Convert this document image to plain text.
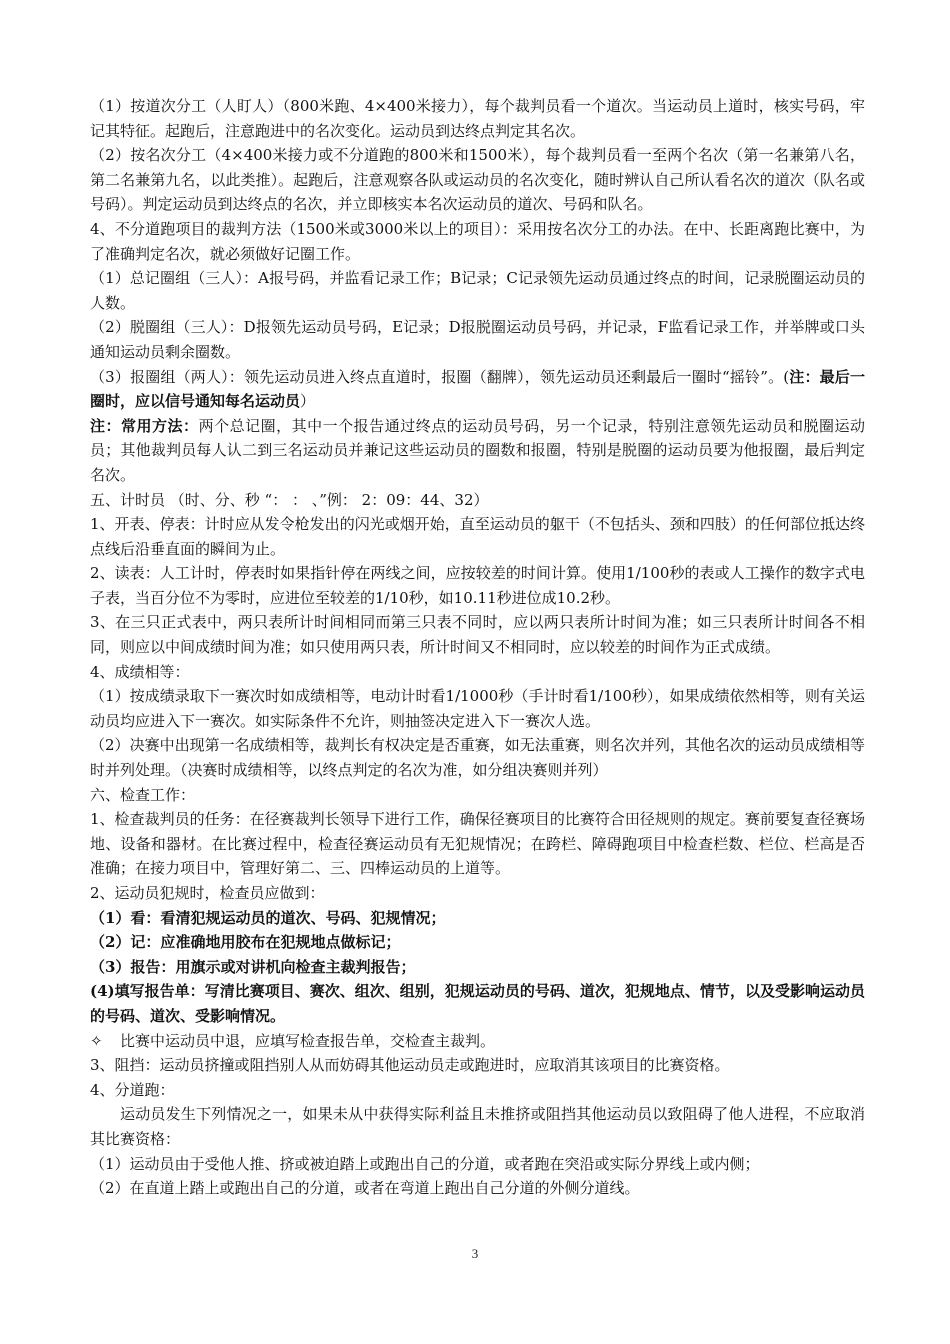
（1）按道次分工（人盯人）（800米跑、4×400米接力），每个裁判员看一个道次。当运动员上道时，核实号码，牢记其特征。起跑后，注意跑进中的名次变化。运动员到达终点判定其名次。

（2）按名次分工（4×400米接力或不分道跑的800米和1500米），每个裁判员看一至两个名次（第一名兼第八名，第二名兼第九名，以此类推）。起跑后，注意观察各队或运动员的名次变化，随时辨认自己所认看名次的道次（队名或号码）。判定运动员到达终点的名次，并立即核实本名次运动员的道次、号码和队名。

4、不分道跑项目的裁判方法（1500米或3000米以上的项目）：采用按名次分工的办法。在中、长距离跑比赛中，为了准确判定名次，就必须做好记圈工作。

（1）总记圈组（三人）：A报号码，并监看记录工作；B记录；C记录领先运动员通过终点的时间，记录脱圈运动员的人数。

（2）脱圈组（三人）：D报领先运动员号码，E记录；D报脱圈运动员号码，并记录，F监看记录工作，并举牌或口头通知运动员剩余圈数。

（3）报圈组（两人）：领先运动员进入终点直道时，报圈（翻牌），领先运动员还剩最后一圈时“摇铃”。(注：最后一圈时，应以信号通知每名运动员）

注：常用方法：两个总记圈，其中一个报告通过终点的运动员号码，另一个记录，特别注意领先运动员和脱圈运动员；其他裁判员每人认二到三名运动员并兼记这些运动员的圈数和报圈，特别是脱圈的运动员要为他报圈，最后判定名次。

五、计时员 （时、分、秒 “： ： 、”例： 2：09：44、32）

1、开表、停表：计时应从发令枪发出的闪光或烟开始，直至运动员的躯干（不包括头、颈和四肢）的任何部位抵达终点线后沿垂直面的瞬间为止。

2、读表：人工计时，停表时如果指针停在两线之间，应按较差的时间计算。使用1/100秒的表或人工操作的数字式电子表，当百分位不为零时，应进位至较差的1/10秒，如10.11秒进位成10.2秒。

3、在三只正式表中，两只表所计时间相同而第三只表不同时，应以两只表所计时间为准；如三只表所计时间各不相同，则应以中间成绩时间为准；如只使用两只表，所计时间又不相同时，应以较差的时间作为正式成绩。

4、成绩相等：

（1）按成绩录取下一赛次时如成绩相等，电动计时看1/1000秒（手计时看1/100秒），如果成绩依然相等，则有关运动员均应进入下一赛次。如实际条件不允许，则抽签决定进入下一赛次人选。

（2）决赛中出现第一名成绩相等，裁判长有权决定是否重赛，如无法重赛，则名次并列，其他名次的运动员成绩相等时并列处理。（决赛时成绩相等，以终点判定的名次为准，如分组决赛则并列）

六、检查工作：

1、检查裁判员的任务：在径赛裁判长领导下进行工作，确保径赛项目的比赛符合田径规则的规定。赛前要复查径赛场地、设备和器材。在比赛过程中，检查径赛运动员有无犯规情况；在跨栏、障碍跑项目中检查栏数、栏位、栏高是否准确；在接力项目中，管理好第二、三、四棒运动员的上道等。

2、运动员犯规时，检查员应做到：

（1）看：看清犯规运动员的道次、号码、犯规情况；

（2）记：应准确地用胶布在犯规地点做标记；

（3）报告：用旗示或对讲机向检查主裁判报告；

(4)填写报告单：写清比赛项目、赛次、组次、组别，犯规运动员的号码、道次，犯规地点、情节，以及受影响运动员的号码、道次、受影响情况。

✧ 比赛中运动员中退，应填写检查报告单，交检查主裁判。

3、阻挡：运动员挤撞或阻挡别人从而妨碍其他运动员走或跑进时，应取消其该项目的比赛资格。

4、分道跑：

运动员发生下列情况之一，如果未从中获得实际利益且未推挤或阻挡其他运动员以致阻碍了他人进程，不应取消其比赛资格：

（1）运动员由于受他人推、挤或被迫踏上或跑出自己的分道，或者跑在突沿或实际分界线上或内侧；

（2）在直道上踏上或跑出自己的分道，或者在弯道上跑出自己分道的外侧分道线。

3
